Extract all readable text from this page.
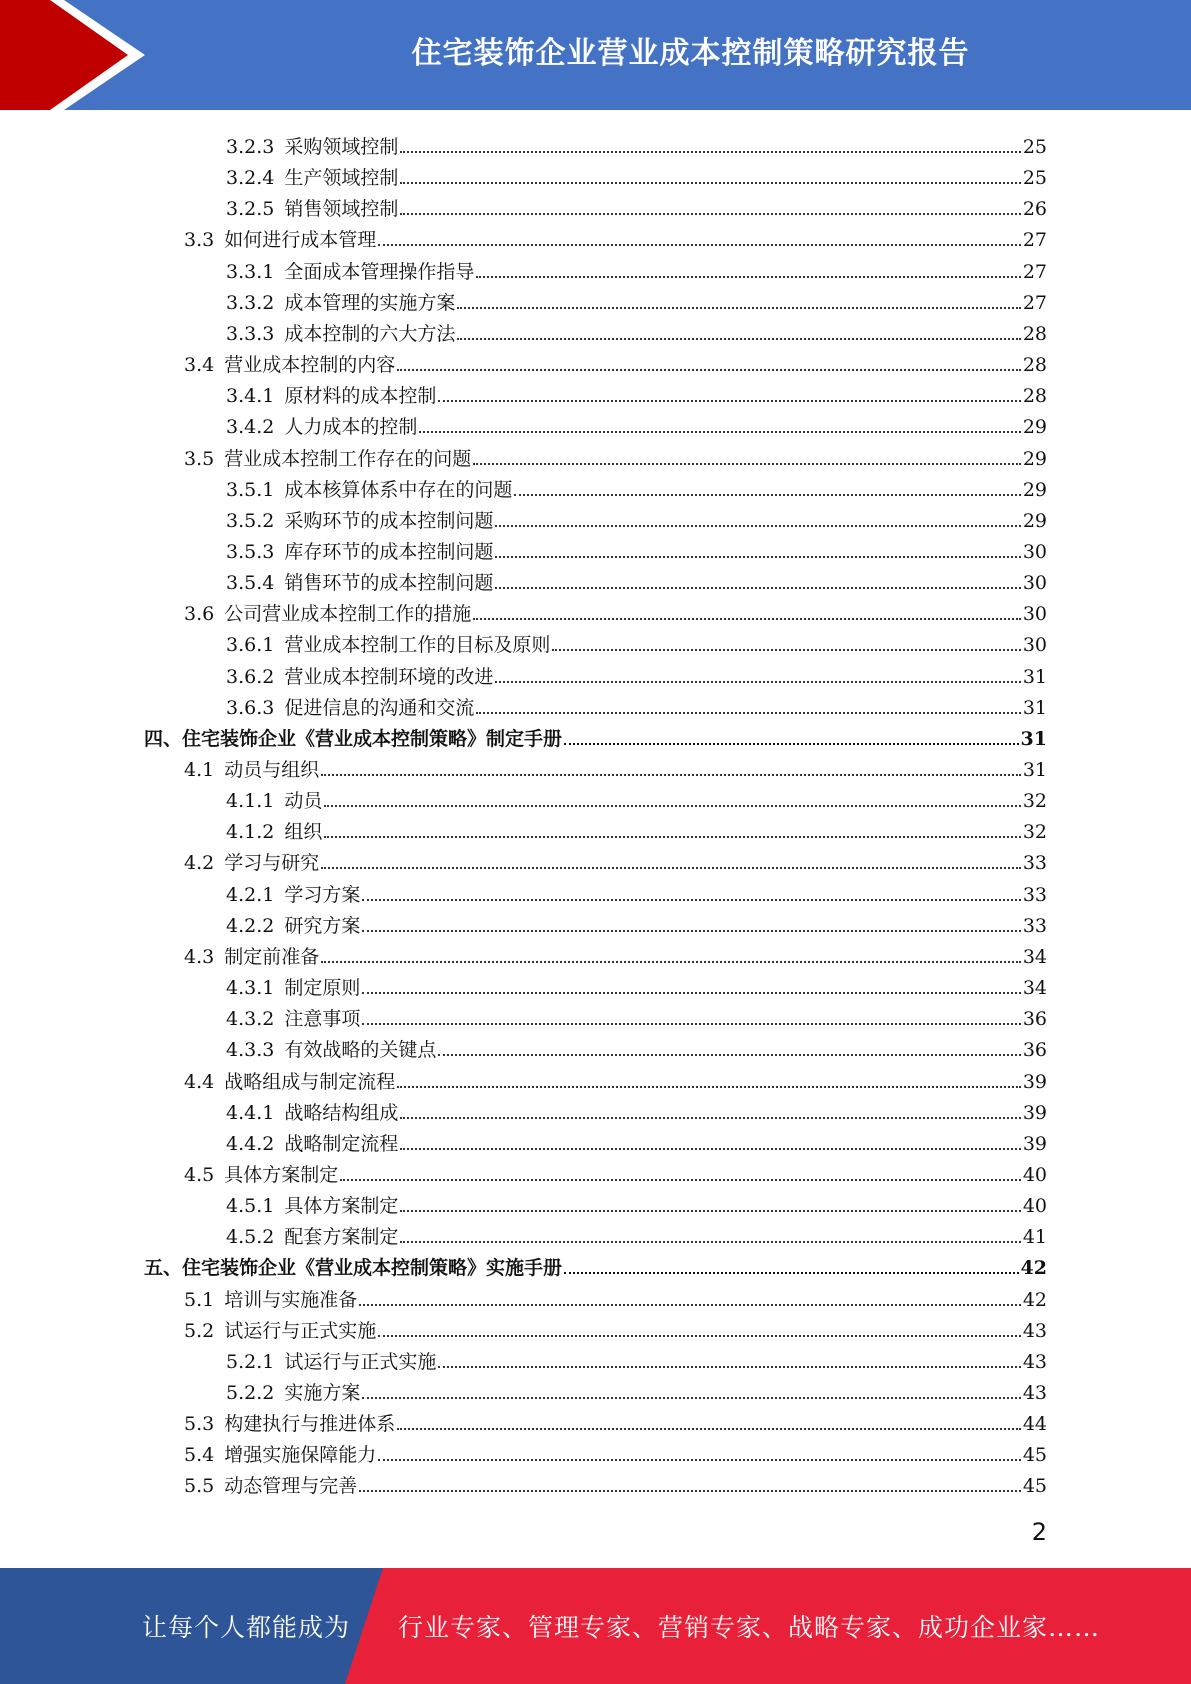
住宅装饰企业营业成本控制策略研究报告
3.2.3 采购领域控制	25
3.2.4 生产领域控制	25
3.2.5 销售领域控制	26
3.3 如何进行成本管理	27
3.3.1 全面成本管理操作指导	27
3.3.2 成本管理的实施方案	27
3.3.3 成本控制的六大方法	28
3.4 营业成本控制的内容	28
3.4.1 原材料的成本控制	28
3.4.2 人力成本的控制	29
3.5 营业成本控制工作存在的问题	29
3.5.1 成本核算体系中存在的问题	29
3.5.2 采购环节的成本控制问题	29
3.5.3 库存环节的成本控制问题	30
3.5.4 销售环节的成本控制问题	30
3.6 公司营业成本控制工作的措施	30
3.6.1 营业成本控制工作的目标及原则	30
3.6.2 营业成本控制环境的改进	31
3.6.3 促进信息的沟通和交流	31
四、住宅装饰企业《营业成本控制策略》制定手册	31
4.1 动员与组织	31
4.1.1 动员	32
4.1.2 组织	32
4.2 学习与研究	33
4.2.1 学习方案	33
4.2.2 研究方案	33
4.3 制定前准备	34
4.3.1 制定原则	34
4.3.2 注意事项	36
4.3.3 有效战略的关键点	36
4.4 战略组成与制定流程	39
4.4.1 战略结构组成	39
4.4.2 战略制定流程	39
4.5 具体方案制定	40
4.5.1 具体方案制定	40
4.5.2 配套方案制定	41
五、住宅装饰企业《营业成本控制策略》实施手册	42
5.1 培训与实施准备	42
5.2 试运行与正式实施	43
5.2.1 试运行与正式实施	43
5.2.2 实施方案	43
5.3 构建执行与推进体系	44
5.4 增强实施保障能力	45
5.5 动态管理与完善	45
2
让每个人都能成为 行业专家、管理专家、营销专家、战略专家、成功企业家……
